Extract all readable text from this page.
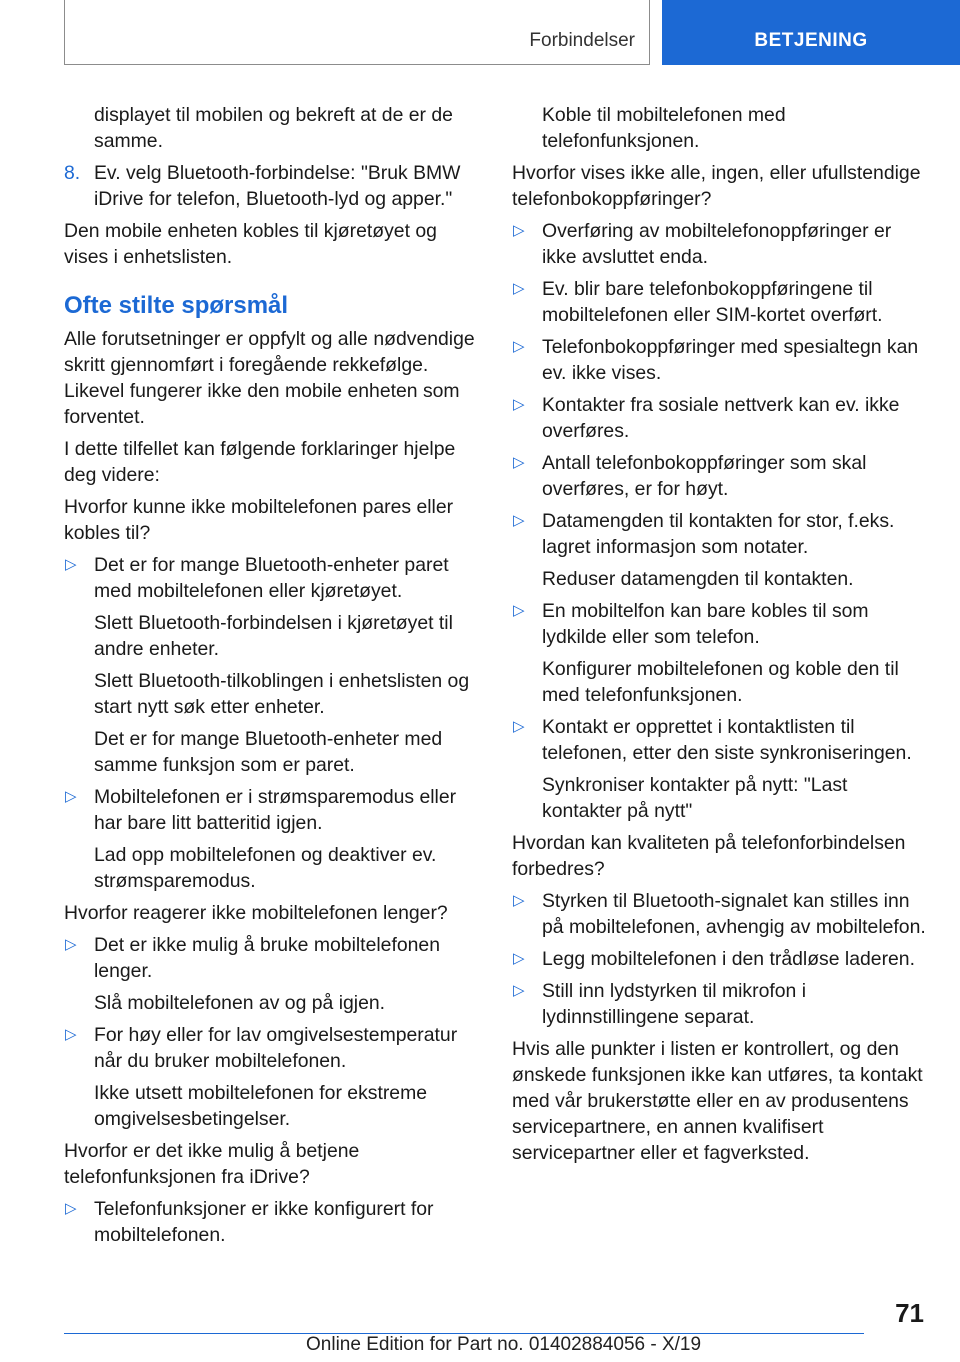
Forbindelser	BETJENING
displayet til mobilen og bekreft at de er de samme.
8. Ev. velg Bluetooth-forbindelse: "Bruk BMW iDrive for telefon, Bluetooth-lyd og apper."
Den mobile enheten kobles til kjøretøyet og vises i enhetslisten.
Ofte stilte spørsmål
Alle forutsetninger er oppfylt og alle nødvendige skritt gjennomført i foregående rekkefølge. Likevel fungerer ikke den mobile enheten som forventet.
I dette tilfellet kan følgende forklaringer hjelpe deg videre:
Hvorfor kunne ikke mobiltelefonen pares eller kobles til?
▷ Det er for mange Bluetooth-enheter paret med mobiltelefonen eller kjøretøyet.
Slett Bluetooth-forbindelsen i kjøretøyet til andre enheter.
Slett Bluetooth-tilkoblingen i enhetslisten og start nytt søk etter enheter.
Det er for mange Bluetooth-enheter med samme funksjon som er paret.
▷ Mobiltelefonen er i strømsparemodus eller har bare litt batteritid igjen.
Lad opp mobiltelefonen og deaktiver ev. strømsparemodus.
Hvorfor reagerer ikke mobiltelefonen lenger?
▷ Det er ikke mulig å bruke mobiltelefonen lenger.
Slå mobiltelefonen av og på igjen.
▷ For høy eller for lav omgivelsestemperatur når du bruker mobiltelefonen.
Ikke utsett mobiltelefonen for ekstreme omgivelsesbetingelser.
Hvorfor er det ikke mulig å betjene telefonfunksjonen fra iDrive?
▷ Telefonfunksjoner er ikke konfigurert for mobiltelefonen.
Koble til mobiltelefonen med telefonfunksjonen.
Hvorfor vises ikke alle, ingen, eller ufullstendige telefonbokoppføringer?
▷ Overføring av mobiltelefonoppføringer er ikke avsluttet enda.
▷ Ev. blir bare telefonbokoppføringene til mobiltelefonen eller SIM-kortet overført.
▷ Telefonbokoppføringer med spesialtegn kan ev. ikke vises.
▷ Kontakter fra sosiale nettverk kan ev. ikke overføres.
▷ Antall telefonbokoppføringer som skal overføres, er for høyt.
▷ Datamengden til kontakten for stor, f.eks. lagret informasjon som notater.
Reduser datamengden til kontakten.
▷ En mobiltelfon kan bare kobles til som lydkilde eller som telefon.
Konfigurer mobiltelefonen og koble den til med telefonfunksjonen.
▷ Kontakt er opprettet i kontaktlisten til telefonen, etter den siste synkroniseringen.
Synkroniser kontakter på nytt: "Last kontakter på nytt"
Hvordan kan kvaliteten på telefonforbindelsen forbedres?
▷ Styrken til Bluetooth-signalet kan stilles inn på mobiltelefonen, avhengig av mobiltelefon.
▷ Legg mobiltelefonen i den trådløse laderen.
▷ Still inn lydstyrken til mikrofon i lydinnstillingene separat.
Hvis alle punkter i listen er kontrollert, og den ønskede funksjonen ikke kan utføres, ta kontakt med vår brukerstøtte eller en av produsentens servicepartnere, en annen kvalifisert servicepartner eller et fagverksted.
71
Online Edition for Part no. 01402884056 - X/19
